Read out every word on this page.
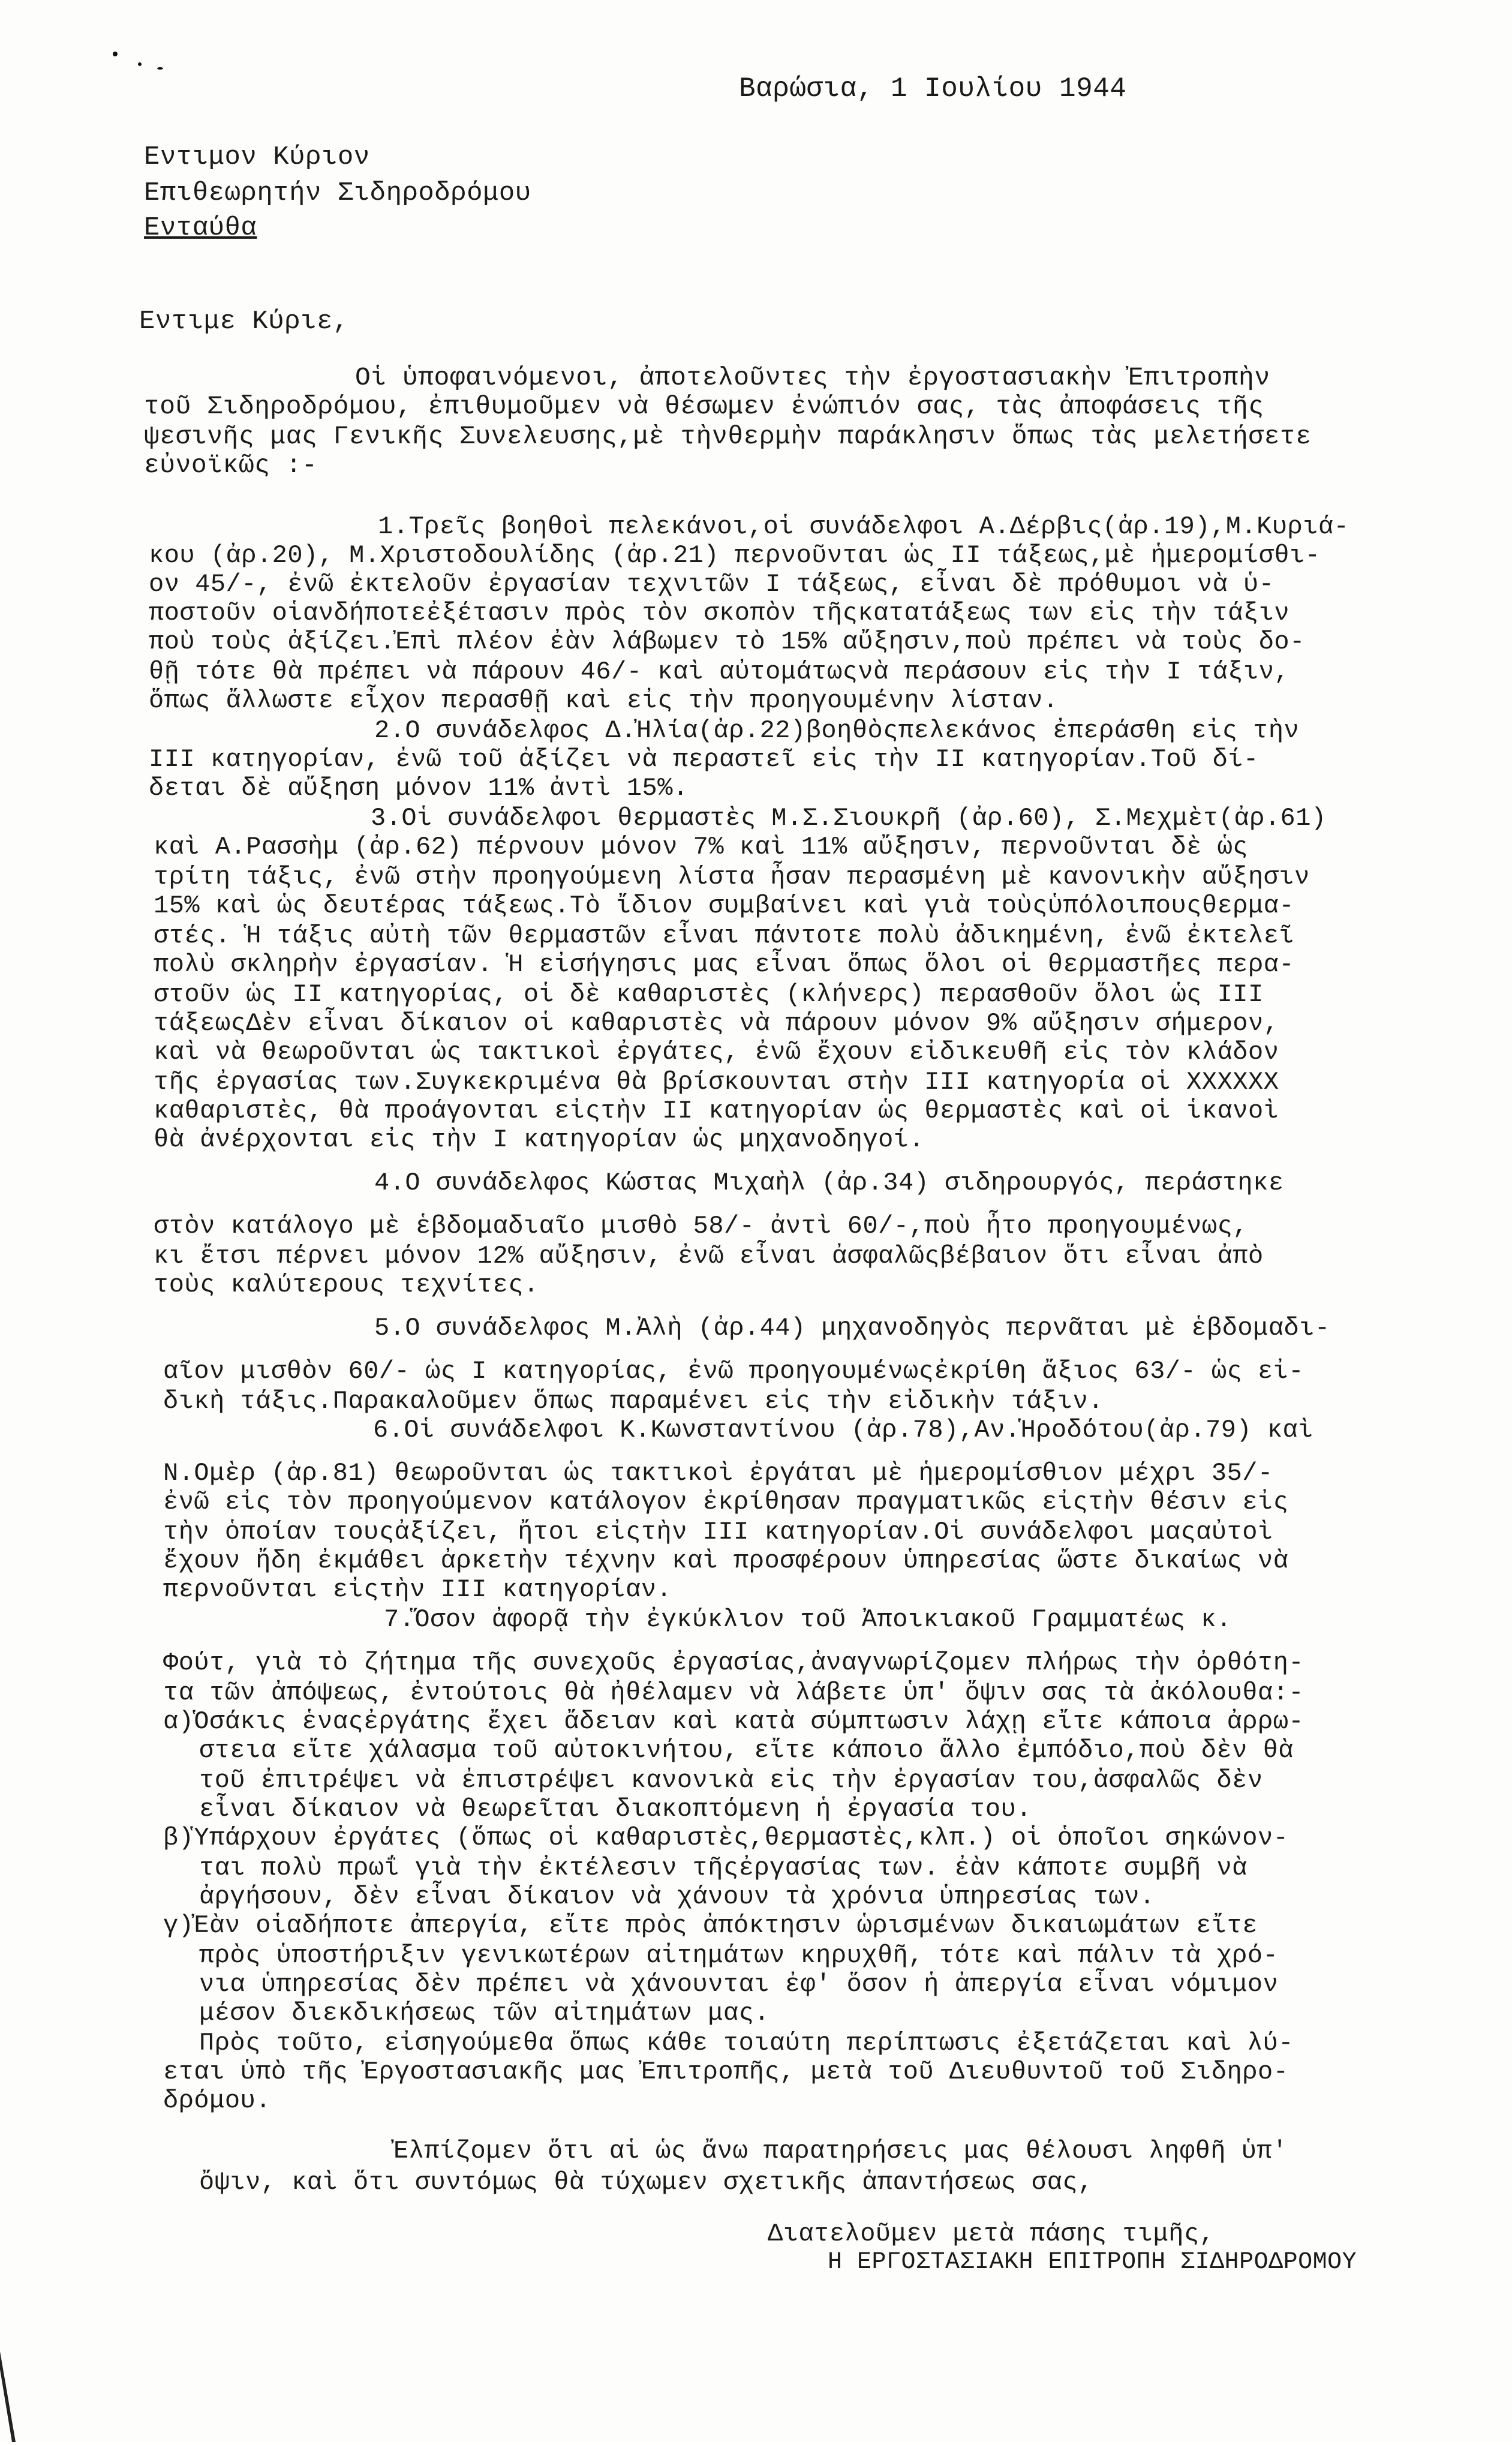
Βαρώσια, 1 Ιουλίου 1944
Εντιμον Κύριον
Επιθεωρητήν Σιδηροδρόμου
Ενταύθα
Εντιμε Κύριε,
Οἱ ὑποφαινόμενοι, ἀποτελοῦντες τὴν ἐργοστασιακὴν Ἐπιτροπὴν
τοῦ Σιδηροδρόμου, ἐπιθυμοῦμεν νὰ θέσωμεν ἐνώπιόν σας, τὰς ἀποφάσεις τῆς
ψεσινῆς μας Γενικῆς Συνελευσης,μὲ τὴνθερμὴν παράκλησιν ὅπως τὰς μελετήσετε
εὐνοϊκῶς :-
1.Τρεῖς βοηθοὶ πελεκάνοι,οἱ συνάδελφοι Α.Δέρβις(ἀρ.19),Μ.Κυριά-
κου (ἀρ.20), Μ.Χριστοδουλίδης (ἀρ.21) περνοῦνται ὡς ΙΙ τάξεως,μὲ ἡμερομίσθι-
ον 45/-, ἐνῶ ἐκτελοῦν ἐργασίαν τεχνιτῶν Ι τάξεως, εἶναι δὲ πρόθυμοι νὰ ὑ-
ποστοῦν οἱανδήποτεἐξέτασιν πρὸς τὸν σκοπὸν τῆςκατατάξεως των εἰς τὴν τάξιν
ποὺ τοὺς ἀξίζει.Ἐπὶ πλέον ἐὰν λάβωμεν τὸ 15% αὔξησιν,ποὺ πρέπει νὰ τοὺς δο-
θῇ τότε θὰ πρέπει νὰ πάρουν 46/- καὶ αὐτομάτωςνὰ περάσουν εἰς τὴν Ι τάξιν,
ὅπως ἄλλωστε εἶχον περασθῇ καὶ εἰς τὴν προηγουμένην λίσταν.
2.Ο συνάδελφος Δ.Ἠλία(ἀρ.22)βοηθὸςπελεκάνος ἐπεράσθη εἰς τὴν
ΙΙΙ κατηγορίαν, ἐνῶ τοῦ ἀξίζει νὰ περαστεῖ εἰς τὴν ΙΙ κατηγορίαν.Τοῦ δί-
δεται δὲ αὔξηση μόνον 11% ἀντὶ 15%.
3.Οἱ συνάδελφοι θερμαστὲς Μ.Σ.Σιουκρῆ (ἀρ.60), Σ.Μεχμὲτ(ἀρ.61)
καὶ Α.Ρασσὴμ (ἀρ.62) πέρνουν μόνον 7% καὶ 11% αὔξησιν, περνοῦνται δὲ ὡς
τρίτη τάξις, ἐνῶ στὴν προηγούμενη λίστα ἦσαν περασμένη μὲ κανονικὴν αὔξησιν
15% καὶ ὡς δευτέρας τάξεως.Τὸ ἴδιον συμβαίνει καὶ γιὰ τοὺςὑπόλοιπουςθερμα-
στές. Ἡ τάξις αὐτὴ τῶν θερμαστῶν εἶναι πάντοτε πολὺ ἀδικημένη, ἐνῶ ἐκτελεῖ
πολὺ σκληρὴν ἐργασίαν. Ἡ εἰσήγησις μας εἶναι ὅπως ὅλοι οἱ θερμαστῆες περα-
στοῦν ὡς ΙΙ κατηγορίας, οἱ δὲ καθαριστὲς (κλήνερς) περασθοῦν ὅλοι ὡς ΙΙΙ
τάξεωςΔὲν εἶναι δίκαιον οἱ καθαριστὲς νὰ πάρουν μόνον 9% αὔξησιν σήμερον,
καὶ νὰ θεωροῦνται ὡς τακτικοὶ ἐργάτες, ἐνῶ ἔχουν εἰδικευθῆ εἰς τὸν κλάδον
τῆς ἐργασίας των.Συγκεκριμένα θὰ βρίσκουνται στὴν ΙΙΙ κατηγορία οἱ ΧΧΧΧΧΧ
καθαριστὲς, θὰ προάγονται εἰςτὴν ΙΙ κατηγορίαν ὡς θερμαστὲς καὶ οἱ ἱκανοὶ
θὰ ἀνέρχονται εἰς τὴν Ι κατηγορίαν ὡς μηχανοδηγοί.
4.Ο συνάδελφος Κώστας Μιχαὴλ (ἀρ.34) σιδηρουργός, περάστηκε
στὸν κατάλογο μὲ ἑβδομαδιαῖο μισθὸ 58/- ἀντὶ 60/-,ποὺ ἦτο προηγουμένως,
κι ἔτσι πέρνει μόνον 12% αὔξησιν, ἐνῶ εἶναι ἀσφαλῶςβέβαιον ὅτι εἶναι ἀπὸ
τοὺς καλύτερους τεχνίτες.
5.Ο συνάδελφος Μ.Ἀλὴ (ἀρ.44) μηχανοδηγὸς περνᾶται μὲ ἑβδομαδι-
αῖον μισθὸν 60/- ὡς Ι κατηγορίας, ἐνῶ προηγουμένωςἐκρίθη ἄξιος 63/- ὡς εἰ-
δικὴ τάξις.Παρακαλοῦμεν ὅπως παραμένει εἰς τὴν εἰδικὴν τάξιν.
6.Οἱ συνάδελφοι Κ.Κωνσταντίνου (ἀρ.78),Αν.Ἡροδότου(ἀρ.79) καὶ
Ν.Ομὲρ (ἀρ.81) θεωροῦνται ὡς τακτικοὶ ἐργάται μὲ ἡμερομίσθιον μέχρι 35/-
ἐνῶ εἰς τὸν προηγούμενον κατάλογον ἐκρίθησαν πραγματικῶς εἰςτὴν θέσιν εἰς
τὴν ὁποίαν τουςἀξίζει, ἤτοι εἰςτὴν ΙΙΙ κατηγορίαν.Οἱ συνάδελφοι μαςαὐτοὶ
ἔχουν ἤδη ἐκμάθει ἀρκετὴν τέχνην καὶ προσφέρουν ὑπηρεσίας ὥστε δικαίως νὰ
περνοῦνται εἰςτὴν ΙΙΙ κατηγορίαν.
7.Ὅσον ἀφορᾷ τὴν ἐγκύκλιον τοῦ Ἀποικιακοῦ Γραμματέως κ.
Φούτ, γιὰ τὸ ζήτημα τῆς συνεχοῦς ἐργασίας,ἀναγνωρίζομεν πλήρως τὴν ὀρθότη-
τα τῶν ἀπόψεως, ἐντούτοις θὰ ἠθέλαμεν νὰ λάβετε ὑπ' ὄψιν σας τὰ ἀκόλουθα:-
α)Ὁσάκις ἑναςἐργάτης ἔχει ἄδειαν καὶ κατὰ σύμπτωσιν λάχῃ εἴτε κάποια ἀρρω-
στεια εἴτε χάλασμα τοῦ αὐτοκινήτου, εἴτε κάποιο ἄλλο ἐμπόδιο,ποὺ δὲν θὰ
τοῦ ἐπιτρέψει νὰ ἐπιστρέψει κανονικὰ εἰς τὴν ἐργασίαν του,ἀσφαλῶς δὲν
εἶναι δίκαιον νὰ θεωρεῖται διακοπτόμενη ἡ ἐργασία του.
β)Ὑπάρχουν ἐργάτες (ὅπως οἱ καθαριστὲς,θερμαστὲς,κλπ.) οἱ ὁποῖοι σηκώνον-
ται πολὺ πρωΐ γιὰ τὴν ἐκτέλεσιν τῆςἐργασίας των. ἐὰν κάποτε συμβῆ νὰ
ἀργήσουν, δὲν εἶναι δίκαιον νὰ χάνουν τὰ χρόνια ὑπηρεσίας των.
γ)Ἐὰν οἱαδήποτε ἀπεργία, εἴτε πρὸς ἀπόκτησιν ὡρισμένων δικαιωμάτων εἴτε
πρὸς ὑποστήριξιν γενικωτέρων αἰτημάτων κηρυχθῆ, τότε καὶ πάλιν τὰ χρό-
νια ὑπηρεσίας δὲν πρέπει νὰ χάνουνται ἐφ' ὅσον ἡ ἀπεργία εἶναι νόμιμον
μέσον διεκδικήσεως τῶν αἰτημάτων μας.
Πρὸς τοῦτο, εἰσηγούμεθα ὅπως κάθε τοιαύτη περίπτωσις ἐξετάζεται καὶ λύ-
εται ὑπὸ τῆς Ἐργοστασιακῆς μας Ἐπιτροπῆς, μετὰ τοῦ Διευθυντοῦ τοῦ Σιδηρο-
δρόμου.
Ἐλπίζομεν ὅτι αἱ ὡς ἄνω παρατηρήσεις μας θέλουσι ληφθῆ ὑπ'
ὄψιν, καὶ ὅτι συντόμως θὰ τύχωμεν σχετικῆς ἀπαντήσεως σας,
Διατελοῦμεν μετὰ πάσης τιμῆς,
Η ΕΡΓΟΣΤΑΣΙΑΚΗ ΕΠΙΤΡΟΠΗ ΣΙΔΗΡΟΔΡΟΜΟΥ
